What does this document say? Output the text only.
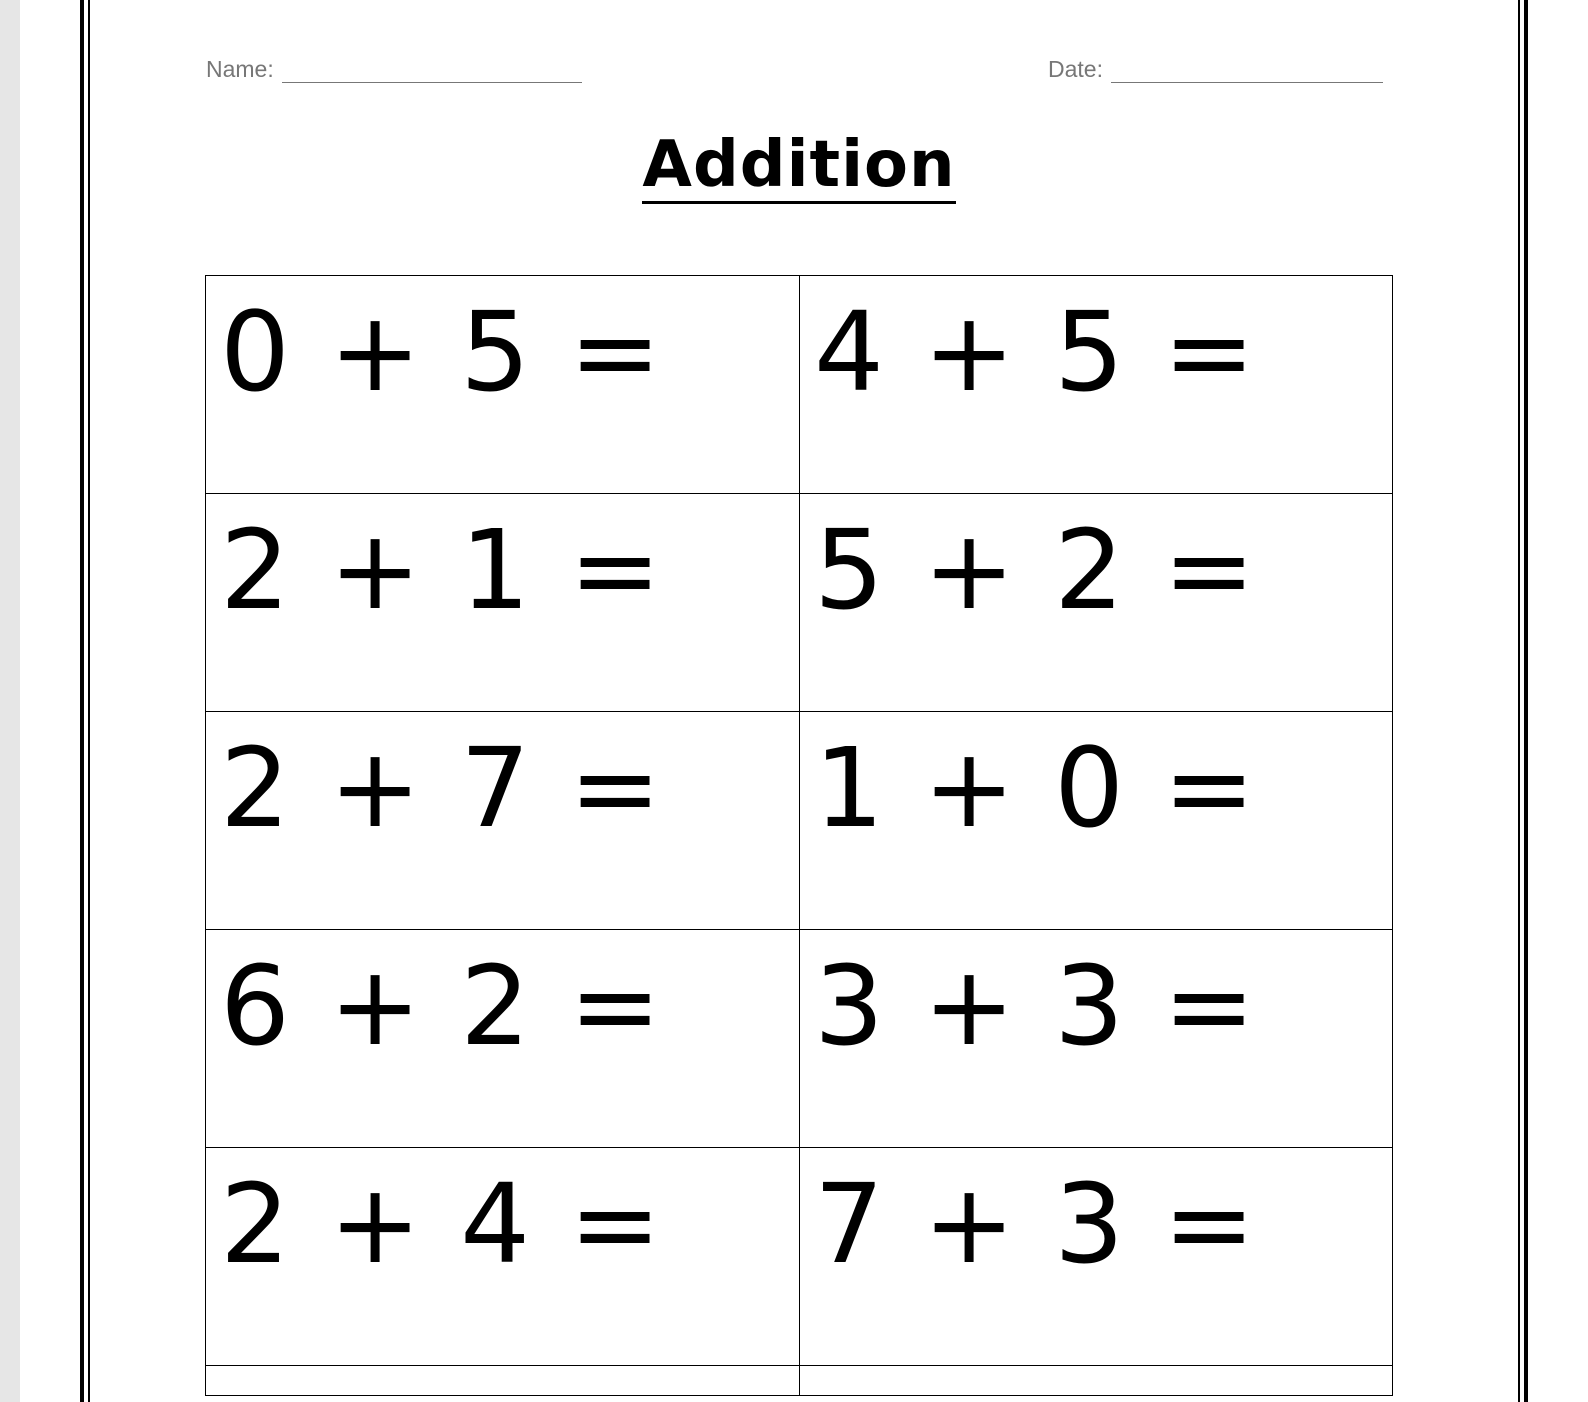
Name:	Date:
Addition
0 + 5 =	4 + 5 =

2 + 1 =	5 + 2 =

2 + 7 =	1 + 0 =

6 + 2 =	3 + 3 =

2 + 4 =	7 + 3 =
